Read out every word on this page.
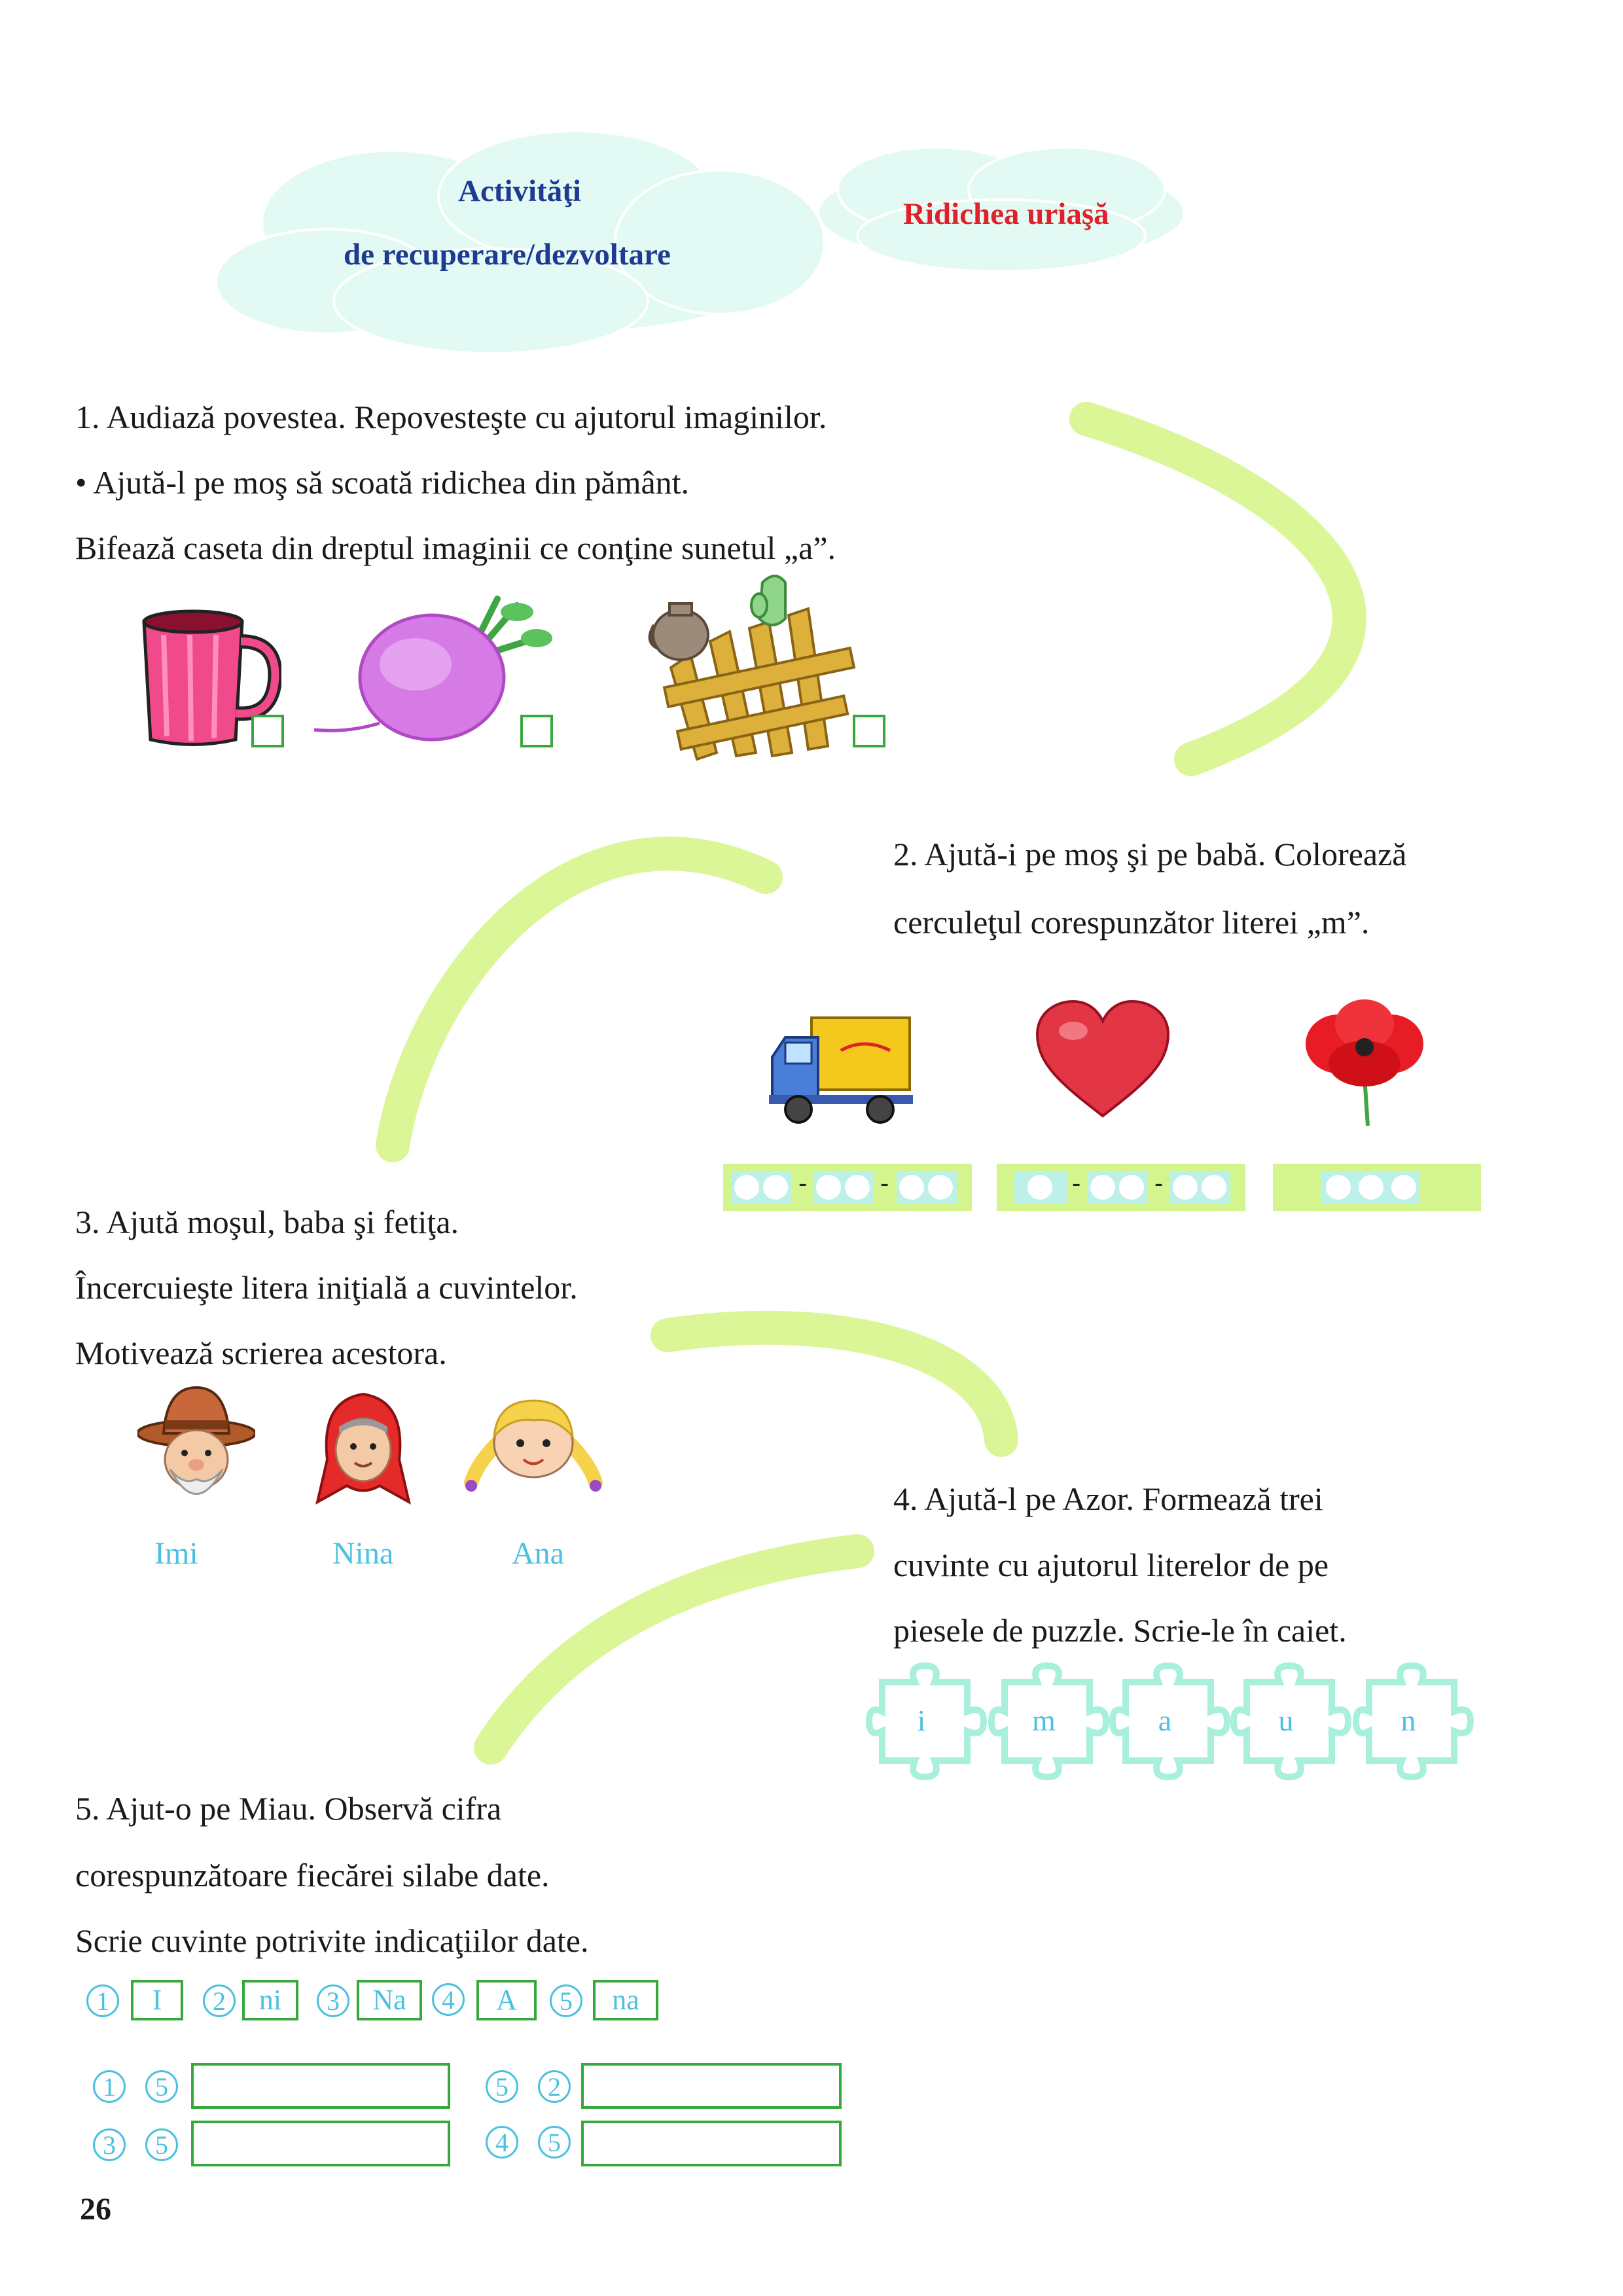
Activităţi
de recuperare/dezvoltare
Ridichea uriaşă
1. Audiază povestea. Repovesteşte cu ajutorul imaginilor.
• Ajută-l pe moş să scoată ridichea din pământ.
Bifează caseta din dreptul imaginii ce conţine sunetul „a”.
2. Ajută-i pe moş şi pe babă. Colorează
cerculeţul corespunzător literei „m”.
-	-	-	-
3. Ajută moşul, baba şi fetiţa.
Încercuieşte litera iniţială a cuvintelor.
Motivează scrierea acestora.
Imi	Nina	Ana
4. Ajută-l pe Azor. Formează trei
cuvinte cu ajutorul literelor de pe
piesele de puzzle. Scrie-le în caiet.
i	m	a	u	n
5. Ajut-o pe Miau. Observă cifra
corespunzătoare fiecărei silabe date.
Scrie cuvinte potrivite indicaţiilor date.
1	I	2	ni	3	Na	4	A	5	na
1	5	5	2
3	5	4	5
26
